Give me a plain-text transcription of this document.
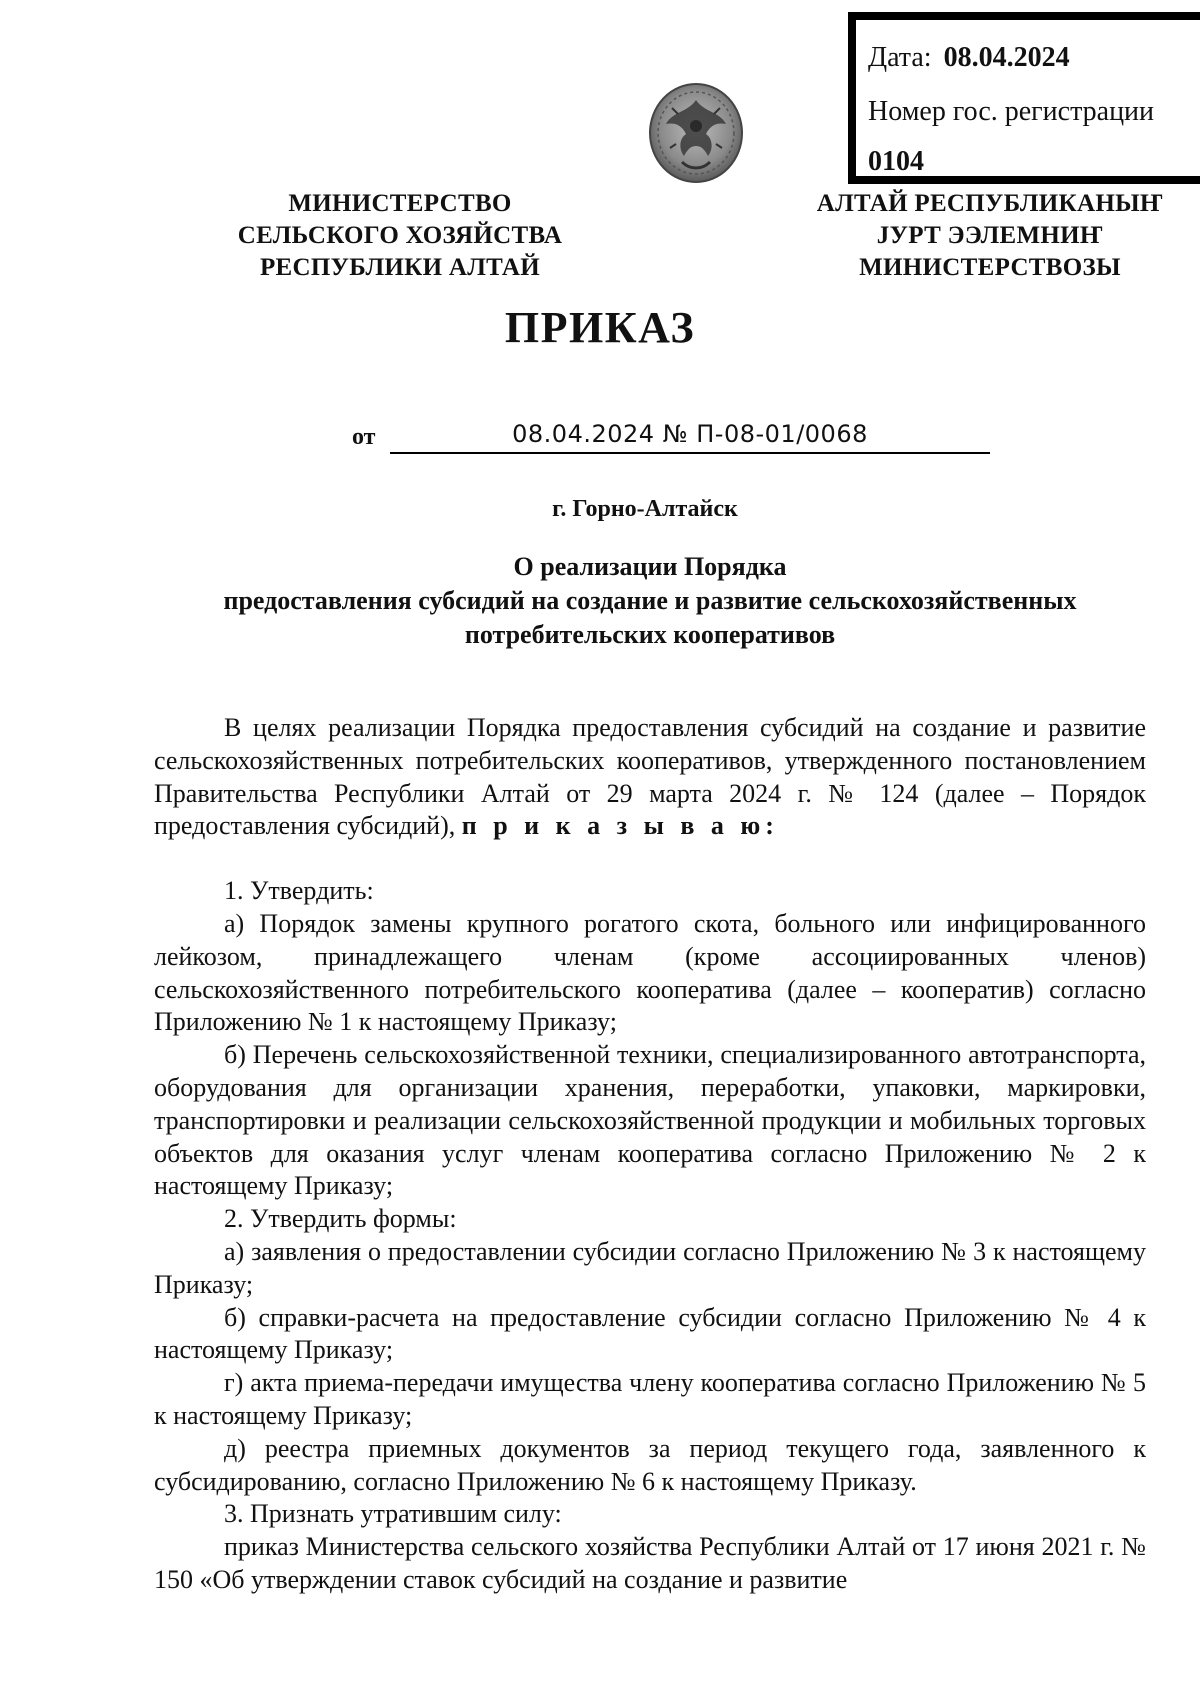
Дата: 08.04.2024
Номер гос. регистрации
0104
МИНИСТЕРСТВО
СЕЛЬСКОГО ХОЗЯЙСТВА
РЕСПУБЛИКИ АЛТАЙ
АЛТАЙ РЕСПУБЛИКАНЫҤ
ЈУРТ ЭЭЛЕМНИҤ
МИНИСТЕРСТВОЗЫ
ПРИКАЗ
от	08.04.2024 № П-08-01/0068
г. Горно-Алтайск
О реализации Порядка
предоставления субсидий на создание и развитие сельскохозяйственных
потребительских кооперативов

В целях реализации Порядка предоставления субсидий на создание и развитие сельскохозяйственных потребительских кооперативов, утвержденного постановлением Правительства Республики Алтай от 29 марта 2024 г. № 124 (далее – Порядок предоставления субсидий), п р и к а з ы в а ю:

1. Утвердить:

а) Порядок замены крупного рогатого скота, больного или инфицированного лейкозом, принадлежащего членам (кроме ассоциированных членов) сельскохозяйственного потребительского кооператива (далее – кооператив) согласно Приложению № 1 к настоящему Приказу;

б) Перечень сельскохозяйственной техники, специализированного автотранспорта, оборудования для организации хранения, переработки, упаковки, маркировки, транспортировки и реализации сельскохозяйственной продукции и мобильных торговых объектов для оказания услуг членам кооператива согласно Приложению № 2 к настоящему Приказу;

2. Утвердить формы:

а) заявления о предоставлении субсидии согласно Приложению № 3 к настоящему Приказу;

б) справки-расчета на предоставление субсидии согласно Приложению № 4 к настоящему Приказу;

г) акта приема-передачи имущества члену кооператива согласно Приложению № 5 к настоящему Приказу;

д) реестра приемных документов за период текущего года, заявленного к субсидированию, согласно Приложению № 6 к настоящему Приказу.

3. Признать утратившим силу:

приказ Министерства сельского хозяйства Республики Алтай от 17 июня 2021 г. № 150 «Об утверждении ставок субсидий на создание и развитие
